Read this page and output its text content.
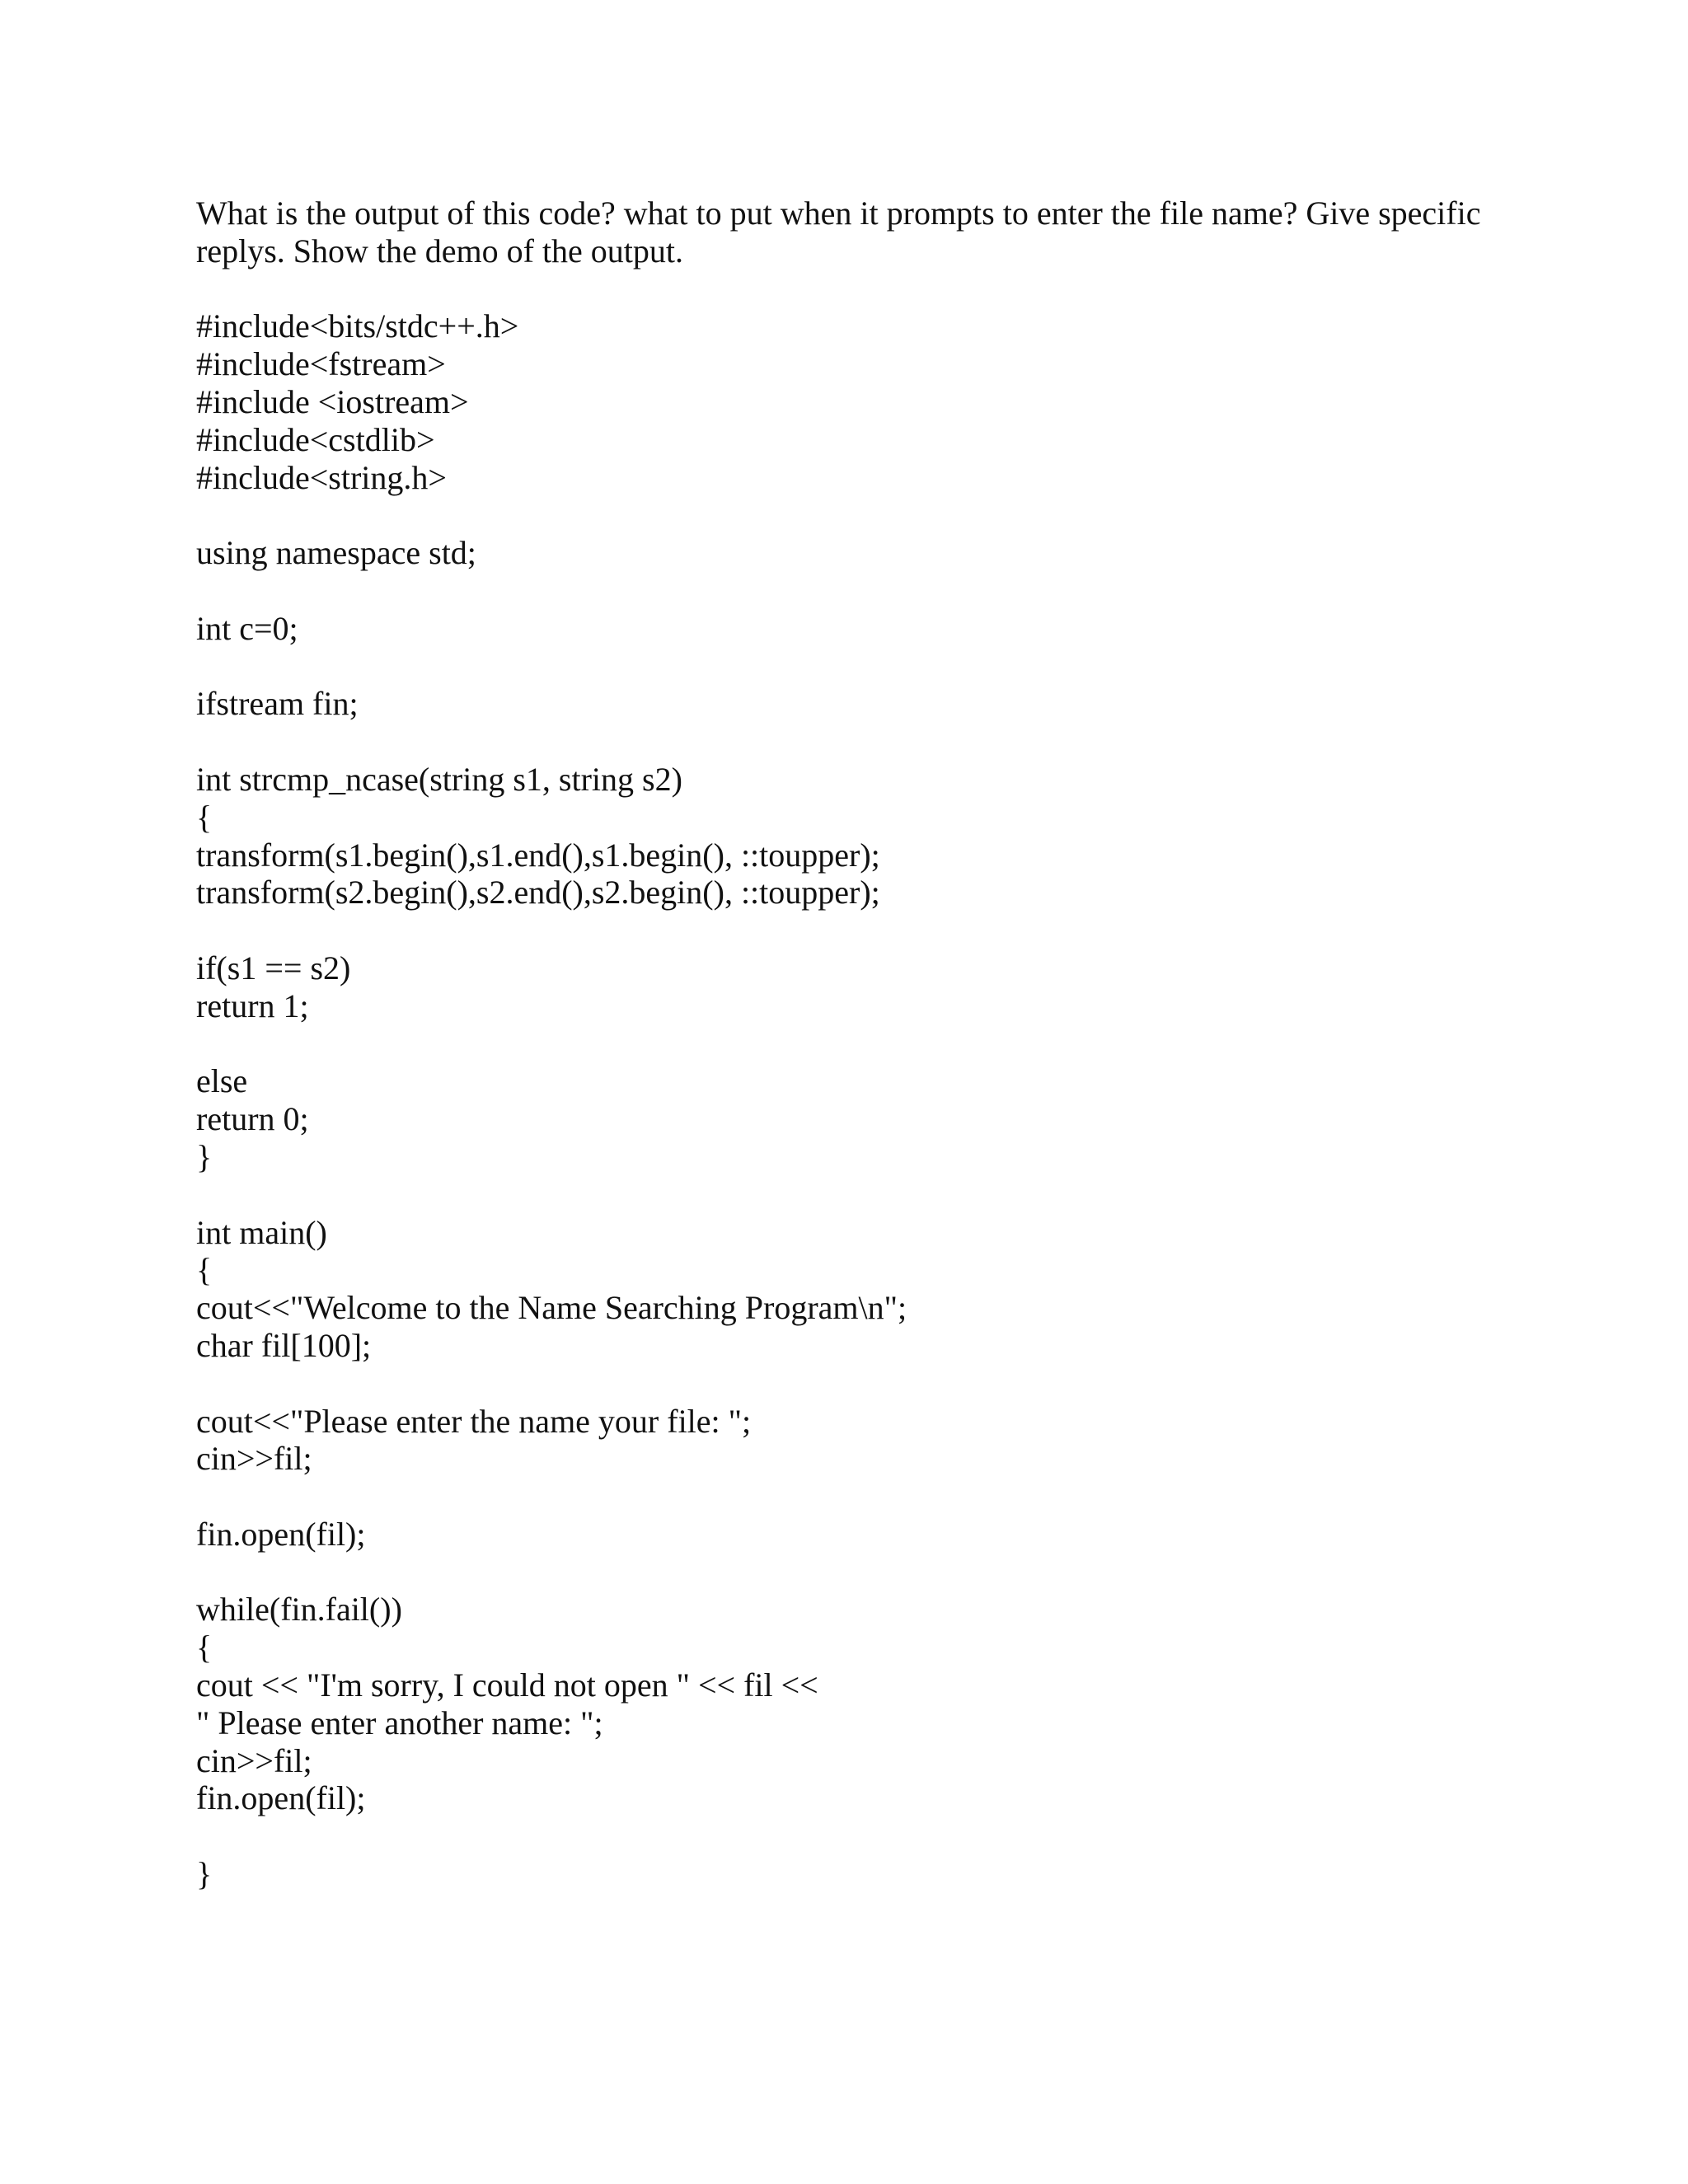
What is the output of this code? what to put when it prompts to enter the file name? Give specific
replys. Show the demo of the output.
#include<bits/stdc++.h>
#include<fstream>
#include <iostream>
#include<cstdlib>
#include<string.h>
using namespace std;
int c=0;
ifstream fin;
int strcmp_ncase(string s1, string s2)
{
transform(s1.begin(),s1.end(),s1.begin(), ::toupper);
transform(s2.begin(),s2.end(),s2.begin(), ::toupper);
if(s1 == s2)
return 1;
else
return 0;
}
int main()
{
cout<<"Welcome to the Name Searching Program\n";
char fil[100];
cout<<"Please enter the name your file: ";
cin>>fil;
fin.open(fil);
while(fin.fail())
{
cout << "I'm sorry, I could not open " << fil <<
" Please enter another name: ";
cin>>fil;
fin.open(fil);
}
